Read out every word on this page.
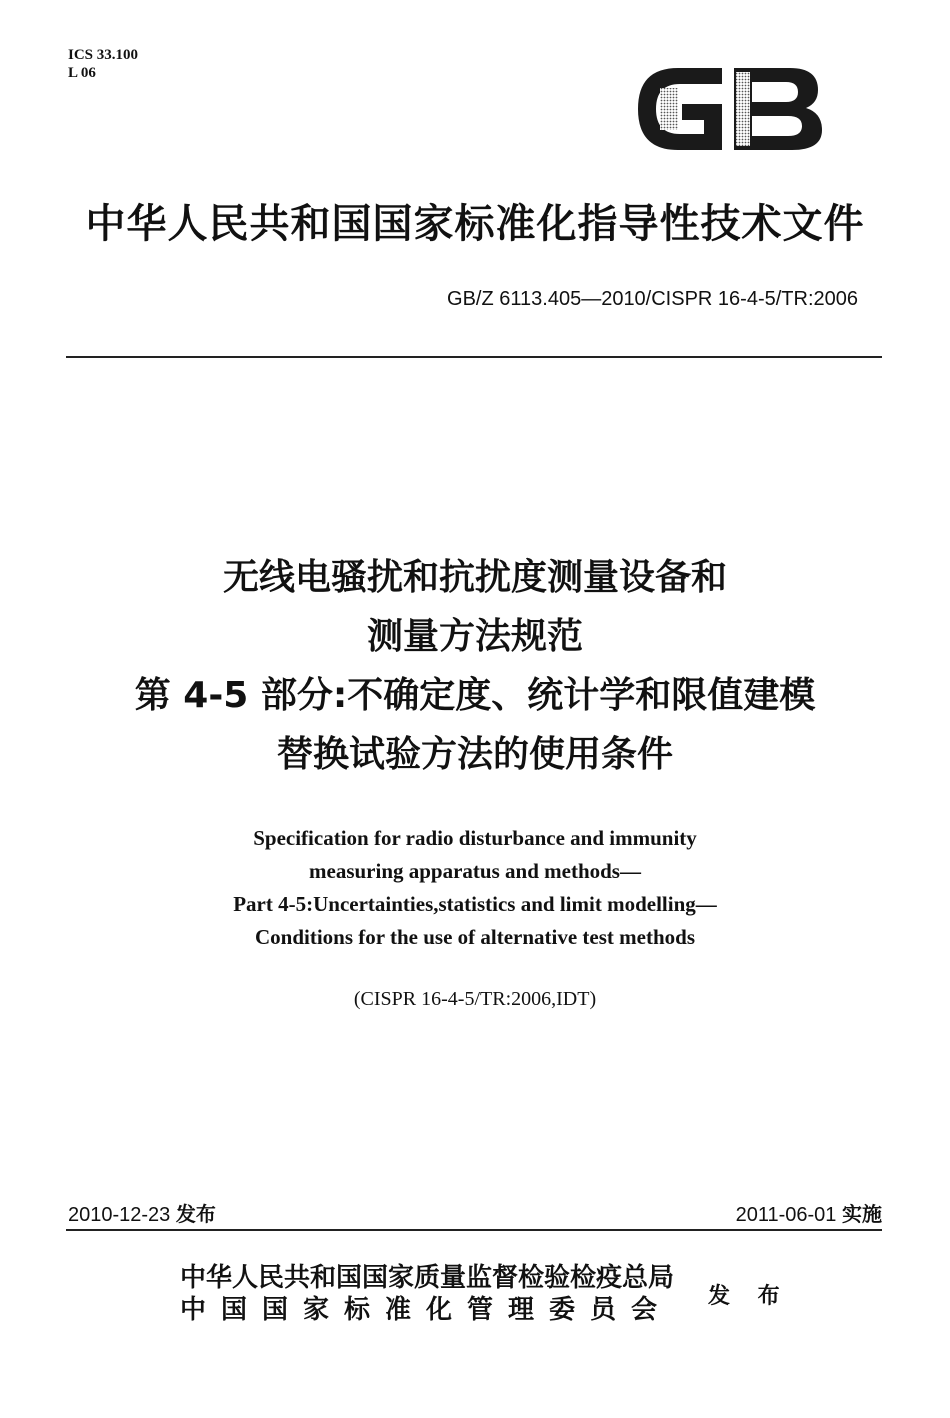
ICS 33.100
L 06
中华人民共和国国家标准化指导性技术文件
GB/Z 6113.405—2010/CISPR 16-4-5/TR:2006
无线电骚扰和抗扰度测量设备和
测量方法规范
第 4-5 部分:不确定度、统计学和限值建模
替换试验方法的使用条件
Specification for radio disturbance and immunity
measuring apparatus and methods—
Part 4-5:Uncertainties,statistics and limit modelling—
Conditions for the use of alternative test methods
(CISPR 16-4-5/TR:2006,IDT)
2010-12-23 发布	2011-06-01 实施
中华人民共和国国家质量监督检验检疫总局
中国国家标准化管理委员会 发 布
